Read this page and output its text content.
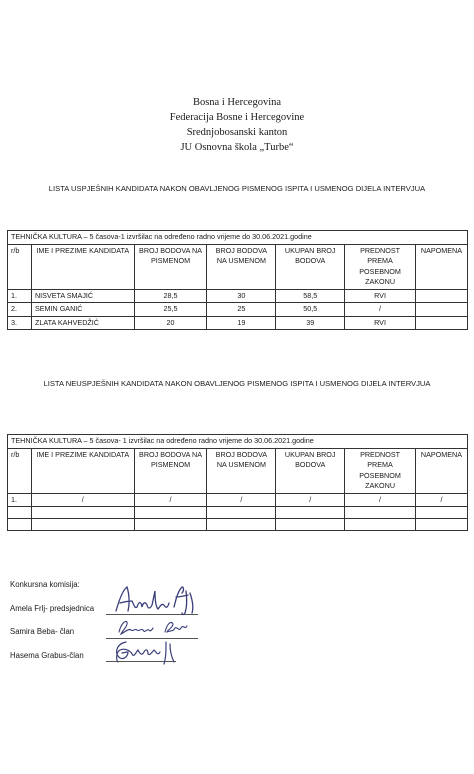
Bosna i Hercegovina
Federacija Bosne i Hercegovine
Srednjobosanski kanton
JU Osnovna škola „Turbe“
LISTA USPJEŠNIH KANDIDATA NAKON OBAVLJENOG PISMENOG ISPITA I USMENOG DIJELA INTERVJUA
TEHNIČKA KULTURA – 5 časova-1 izvršilac na određeno radno vrijeme do 30.06.2021.godine						
r/b	IME I PREZIME KANDIDATA	BROJ BODOVA NA PISMENOM	BROJ BODOVA NA USMENOM	UKUPAN BROJ BODOVA	PREDNOST PREMA POSEBNOM ZAKONU	NAPOMENA
1.	NISVETA SMAJIĆ	28,5	30	58,5	RVI	
2.	SEMIN GANIĆ	25,5	25	50,5	/	
3.	ZLATA KAHVEDŽIĆ	20	19	39	RVI	
LISTA NEUSPJEŠNIH KANDIDATA NAKON OBAVLJENOG PISMENOG ISPITA I USMENOG DIJELA INTERVJUA
TEHNIČKA KULTURA – 5 časova- 1 izvršilac na određeno radno vrijeme do 30.06.2021.godine						
r/b	IME I PREZIME KANDIDATA	BROJ BODOVA NA PISMENOM	BROJ BODOVA NA USMENOM	UKUPAN BROJ BODOVA	PREDNOST PREMA POSEBNOM ZAKONU	NAPOMENA
1.	/	/	/	/	/	/

Konkursna komisija:
Amela Frlj- predsjednica
Samira Beba- član
Hasema Grabus-član
